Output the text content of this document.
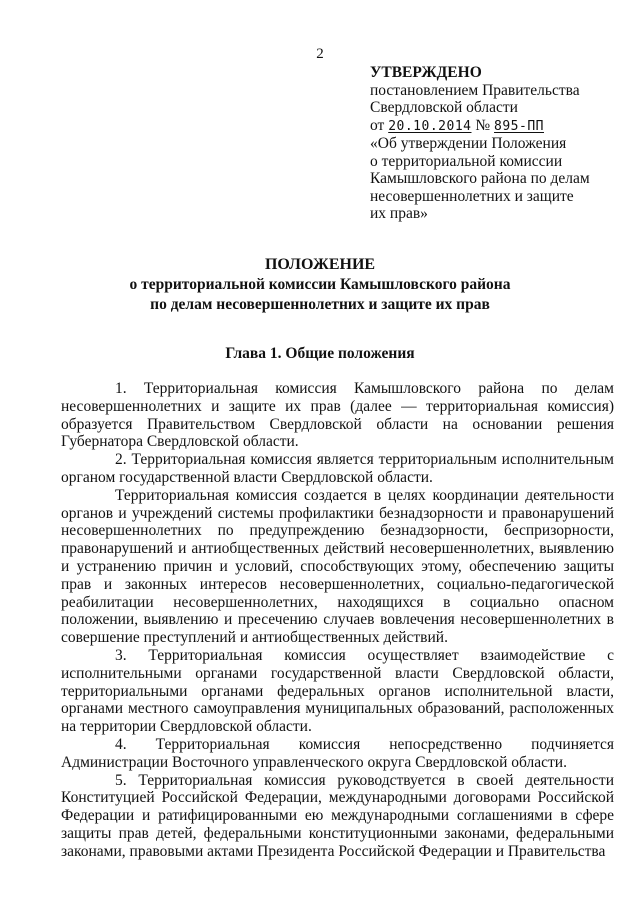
2
УТВЕРЖДЕНО
постановлением Правительства
Свердловской области
от 20.10.2014 № 895-ПП
«Об утверждении Положения
о территориальной комиссии
Камышловского района по делам
несовершеннолетних и защите
их прав»
ПОЛОЖЕНИЕ
о территориальной комиссии Камышловского района
по делам несовершеннолетних и защите их прав
Глава 1. Общие положения

1. Территориальная комиссия Камышловского района по делам несовершеннолетних и защите их прав (далее — территориальная комиссия) образуется Правительством Свердловской области на основании решения Губернатора Свердловской области.

2. Территориальная комиссия является территориальным исполнительным органом государственной власти Свердловской области.

Территориальная комиссия создается в целях координации деятельности органов и учреждений системы профилактики безнадзорности и правонарушений несовершеннолетних по предупреждению безнадзорности, беспризорности, правонарушений и антиобщественных действий несовершеннолетних, выявлению и устранению причин и условий, способствующих этому, обеспечению защиты прав и законных интересов несовершеннолетних, социально-педагогической реабилитации несовершеннолетних, находящихся в социально опасном положении, выявлению и пресечению случаев вовлечения несовершеннолетних в совершение преступлений и антиобщественных действий.

3. Территориальная комиссия осуществляет взаимодействие с исполнительными органами государственной власти Свердловской области, территориальными органами федеральных органов исполнительной власти, органами местного самоуправления муниципальных образований, расположенных на территории Свердловской области.

4. Территориальная комиссия непосредственно подчиняется Администрации Восточного управленческого округа Свердловской области.

5. Территориальная комиссия руководствуется в своей деятельности Конституцией Российской Федерации, международными договорами Российской Федерации и ратифицированными ею международными соглашениями в сфере защиты прав детей, федеральными конституционными законами, федеральными законами, правовыми актами Президента Российской Федерации и Правительства
